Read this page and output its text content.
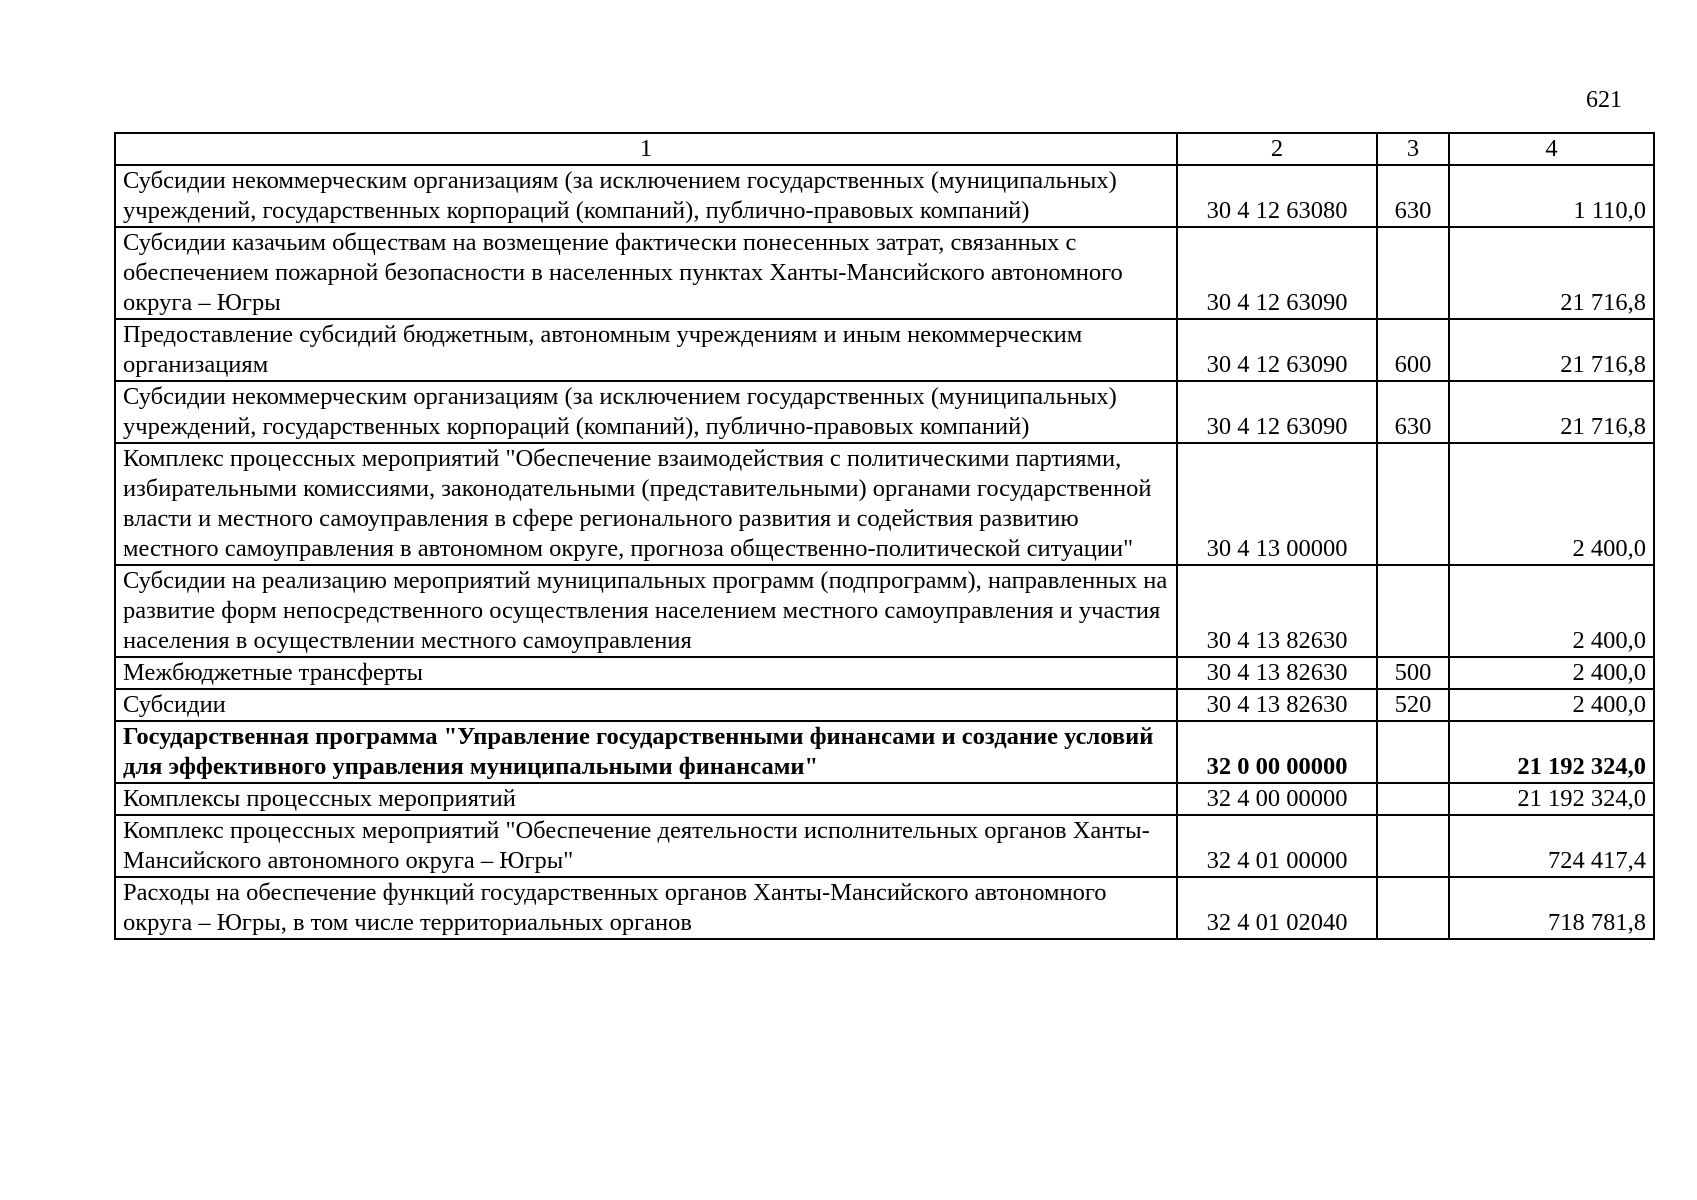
621
1	2	3	4
Субсидии некоммерческим организациям (за исключением государственных (муниципальных) учреждений, государственных корпораций (компаний), публично-правовых компаний)	30 4 12 63080	630	1 110,0
Субсидии казачьим обществам на возмещение фактически понесенных затрат, связанных с обеспечением пожарной безопасности в населенных пунктах Ханты-Мансийского автономного округа – Югры	30 4 12 63090		21 716,8
Предоставление субсидий бюджетным, автономным учреждениям и иным некоммерческим организациям	30 4 12 63090	600	21 716,8
Субсидии некоммерческим организациям (за исключением государственных (муниципальных) учреждений, государственных корпораций (компаний), публично-правовых компаний)	30 4 12 63090	630	21 716,8
Комплекс процессных мероприятий "Обеспечение взаимодействия с политическими партиями, избирательными комиссиями, законодательными (представительными) органами государственной власти и местного самоуправления в сфере регионального развития и содействия развитию местного самоуправления в автономном округе, прогноза общественно-политической ситуации"	30 4 13 00000		2 400,0
Субсидии на реализацию мероприятий муниципальных программ (подпрограмм), направленных на развитие форм непосредственного осуществления населением местного самоуправления и участия населения в осуществлении местного самоуправления	30 4 13 82630		2 400,0
Межбюджетные трансферты	30 4 13 82630	500	2 400,0
Субсидии	30 4 13 82630	520	2 400,0
Государственная программа "Управление государственными финансами и создание условий для эффективного управления муниципальными финансами"	32 0 00 00000		21 192 324,0
Комплексы процессных мероприятий	32 4 00 00000		21 192 324,0
Комплекс процессных мероприятий "Обеспечение деятельности исполнительных органов Ханты-Мансийского автономного округа – Югры"	32 4 01 00000		724 417,4
Расходы на обеспечение функций государственных органов Ханты-Мансийского автономного округа – Югры, в том числе территориальных органов	32 4 01 02040		718 781,8
